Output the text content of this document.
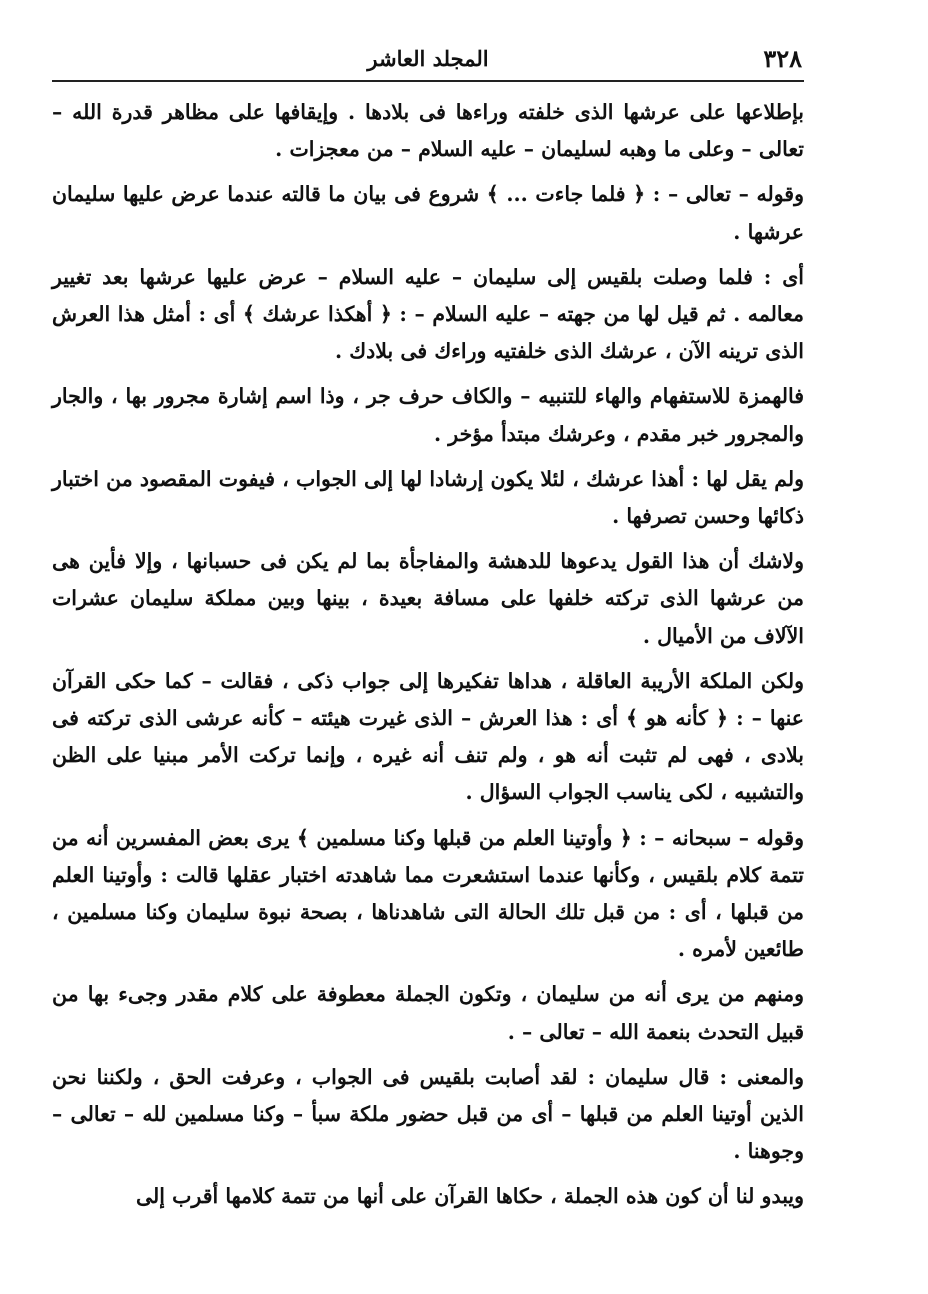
٣٢٨
المجلد العاشر

بإطلاعها على عرشها الذى خلفته وراءها فى بلادها . وإيقافها على مظاهر قدرة الله – تعالى – وعلى ما وهبه لسليمان – عليه السلام – من معجزات .

وقوله – تعالى – : ﴿ فلما جاءت ... ﴾ شروع فى بيان ما قالته عندما عرض عليها سليمان عرشها .

أى : فلما وصلت بلقيس إلى سليمان – عليه السلام – عرض عليها عرشها بعد تغيير معالمه . ثم قيل لها من جهته – عليه السلام – : ﴿ أهكذا عرشك ﴾ أى : أمثل هذا العرش الذى ترينه الآن ، عرشك الذى خلفتيه وراءك فى بلادك .

فالهمزة للاستفهام والهاء للتنبيه – والكاف حرف جر ، وذا اسم إشارة مجرور بها ، والجار والمجرور خبر مقدم ، وعرشك مبتدأ مؤخر .

ولم يقل لها : أهذا عرشك ، لئلا يكون إرشادا لها إلى الجواب ، فيفوت المقصود من اختبار ذكائها وحسن تصرفها .

ولاشك أن هذا القول يدعوها للدهشة والمفاجأة بما لم يكن فى حسبانها ، وإلا فأين هى من عرشها الذى تركته خلفها على مسافة بعيدة ، بينها وبين مملكة سليمان عشرات الآلاف من الأميال .

ولكن الملكة الأريبة العاقلة ، هداها تفكيرها إلى جواب ذكى ، فقالت – كما حكى القرآن عنها – : ﴿ كأنه هو ﴾ أى : هذا العرش – الذى غيرت هيئته – كأنه عرشى الذى تركته فى بلادى ، فهى لم تثبت أنه هو ، ولم تنف أنه غيره ، وإنما تركت الأمر مبنيا على الظن والتشبيه ، لكى يناسب الجواب السؤال .

وقوله – سبحانه – : ﴿ وأوتينا العلم من قبلها وكنا مسلمين ﴾ يرى بعض المفسرين أنه من تتمة كلام بلقيس ، وكأنها عندما استشعرت مما شاهدته اختبار عقلها قالت : وأوتينا العلم من قبلها ، أى : من قبل تلك الحالة التى شاهدناها ، بصحة نبوة سليمان وكنا مسلمين ، طائعين لأمره .

ومنهم من يرى أنه من سليمان ، وتكون الجملة معطوفة على كلام مقدر وجىء بها من قبيل التحدث بنعمة الله – تعالى – .

والمعنى : قال سليمان : لقد أصابت بلقيس فى الجواب ، وعرفت الحق ، ولكننا نحن الذين أوتينا العلم من قبلها – أى من قبل حضور ملكة سبأ – وكنا مسلمين لله – تعالى – وجوهنا .

ويبدو لنا أن كون هذه الجملة ، حكاها القرآن على أنها من تتمة كلامها أقرب إلى
